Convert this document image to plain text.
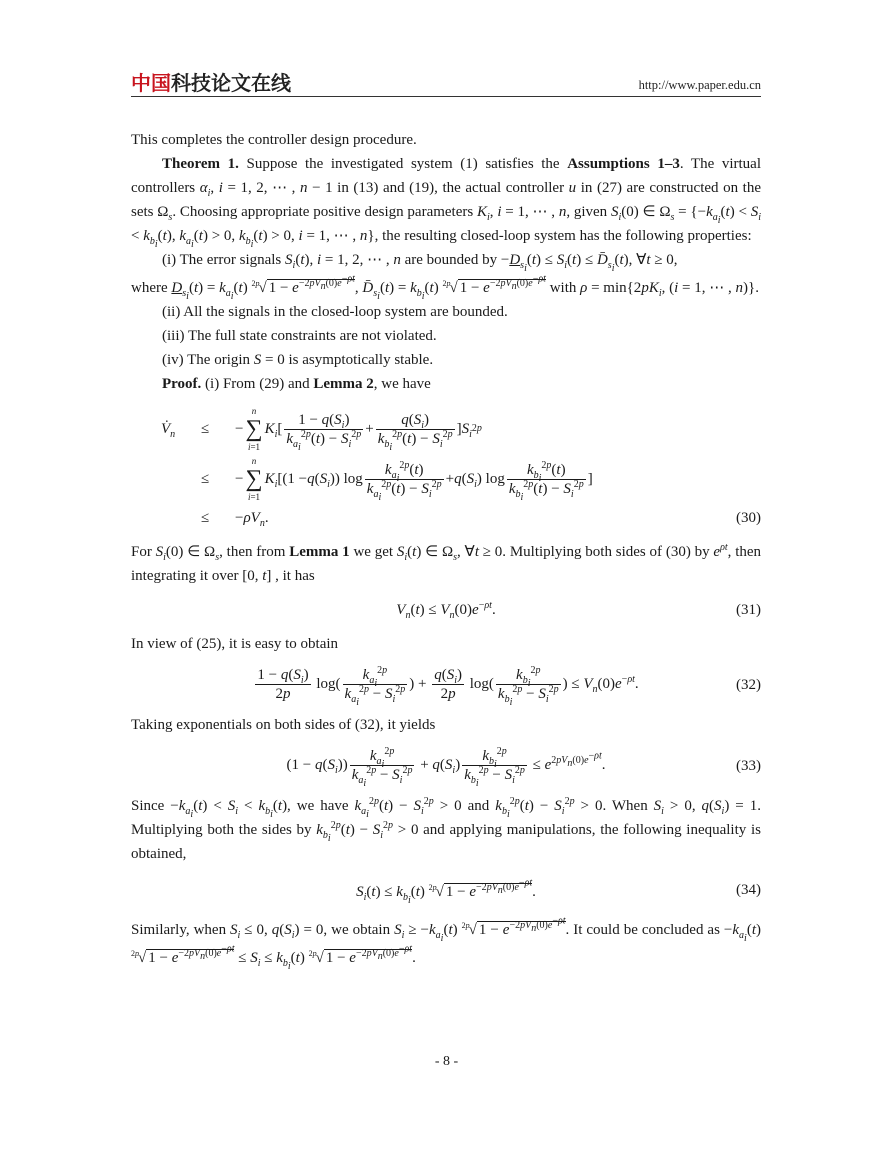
中国科技论文在线	http://www.paper.edu.cn

This completes the controller design procedure.

Theorem 1. Suppose the investigated system (1) satisfies the Assumptions 1–3. The virtual controllers $\alpha_i$, i = 1, 2, ⋯ , n − 1 in (13) and (19), the actual controller u in (27) are constructed on the sets $\Omega_s$. Choosing appropriate positive design parameters $K_i$, i = 1, ⋯ , n, given $S_i(0)$ ∈ $\Omega_s = \{-k_{a_i}(t) < S_i < k_{b_i}(t)$, $k_{a_i}(t) > 0$, $k_{b_i}(t) > 0$, i = 1, ⋯ , n}, the resulting closed-loop system has the following properties:

(i) The error signals $S_i(t)$, i = 1, 2, ⋯ , n are bounded by $-D_{s_i}(t) \le S_i(t)$ ≤ $D̄_{s_i}(t)$, ∀t ≥ 0,

where $D_{s_i}(t) = k_{a_i}(t)$ $^{2p}$√ $1 - e^{-2pV_n(0)e^{-\rho t}}$, $D̄_{s_i}(t) = k_{b_i}(t)$ $^{2p}$√ $1 - e^{-2pV_n(0)e^{-\rho t}}$ with $\rho = \min\{2pK_i$, (i = 1, ⋯ , n)}.

(ii) All the signals in the closed-loop system are bounded.

(iii) The full state constraints are not violated.

(iv) The origin S = 0 is asymptotically stable.

Proof. (i) From (29) and Lemma 2, we have

$V̇_n$ ≤	−
n
∑
i=1
$K_i$ [ $\frac{1 - q(S_i)}{k_{a_i}^{2p}(t) - S_i^{2p}} + \frac{q(S_i)}{k_{b_i}^{2p}(t) - S_i^{2p}}$ ] $S_i$
2p
≤	−
n
∑
i=1
$K_i$ [(1 − q ( $S_i$ )) $\log \frac{k_{a_i}^{2p}(t)}{k_{a_i}^{2p}(t) - S_i^{2p}} + q$ ( $S_i$ ) $\log \frac{k_{b_i}^{2p}(t)}{k_{b_i}^{2p}(t) - S_i^{2p}}$ ]
≤	− $\rho V_n$ .	(30)

For $S_i(0)$ ∈ $\Omega_s$, then from Lemma 1 we get $S_i(t)$ ∈ $\Omega_s$, ∀t ≥ 0. Multiplying both sides of (30) by $e^{\rho t}$, then integrating it over [0, t] , it has

$V_n(t) \le V_n(0)e^{-\rho t}$.	(31)

In view of (25), it is easy to obtain

$\frac{1 - q(S_i)}{2p} \log( \frac{k_{a_i}^{2p}}{k_{a_i}^{2p} - S_i^{2p}}$ ) + $\frac{q(S_i)}{2p} \log( \frac{k_{b_i}^{2p}}{k_{b_i}^{2p} - S_i^{2p}}$ ) ≤ $V_n(0)e^{-\rho t}$.	(32)

Taking exponentials on both sides of (32), it yields

$(1 - q(S_i)) \frac{k_{a_i}^{2p}}{k_{a_i}^{2p} - S_i^{2p}} + q(S_i) \frac{k_{b_i}^{2p}}{k_{b_i}^{2p} - S_i^{2p}} \le e^{2pV_n(0)e^{-\rho t}}$.	(33)

Since $-k_{a_i}(t) < S_i < k_{b_i}(t)$, we have $k_{a_i}^{2p}(t) - S_i^{2p} > 0$ and $k_{b_i}^{2p}(t) - S_i^{2p} > 0$. When $S_i > 0$, $q(S_i) = 1$. Multiplying both the sides by $k_{b_i}^{2p}(t) - S_i^{2p} > 0$ and applying manipulations, the following inequality is obtained,

$S_i(t) \le k_{b_i}(t)$ $^{2p}$√ $1 - e^{-2pV_n(0)e^{-\rho t}}$.	(34)

Similarly, when $S_i \le 0$, $q(S_i) = 0$, we obtain $S_i \ge -k_{a_i}(t)$ $^{2p}$√ $1 - e^{-2pV_n(0)e^{-\rho t}}$. It could be concluded as $-k_{a_i}(t)$ $^{2p}$√ $1 - e^{-2pV_n(0)e^{-\rho t}} \le S_i \le k_{b_i}(t)$ $^{2p}$√ $1 - e^{-2pV_n(0)e^{-\rho t}}$.

- 8 -
